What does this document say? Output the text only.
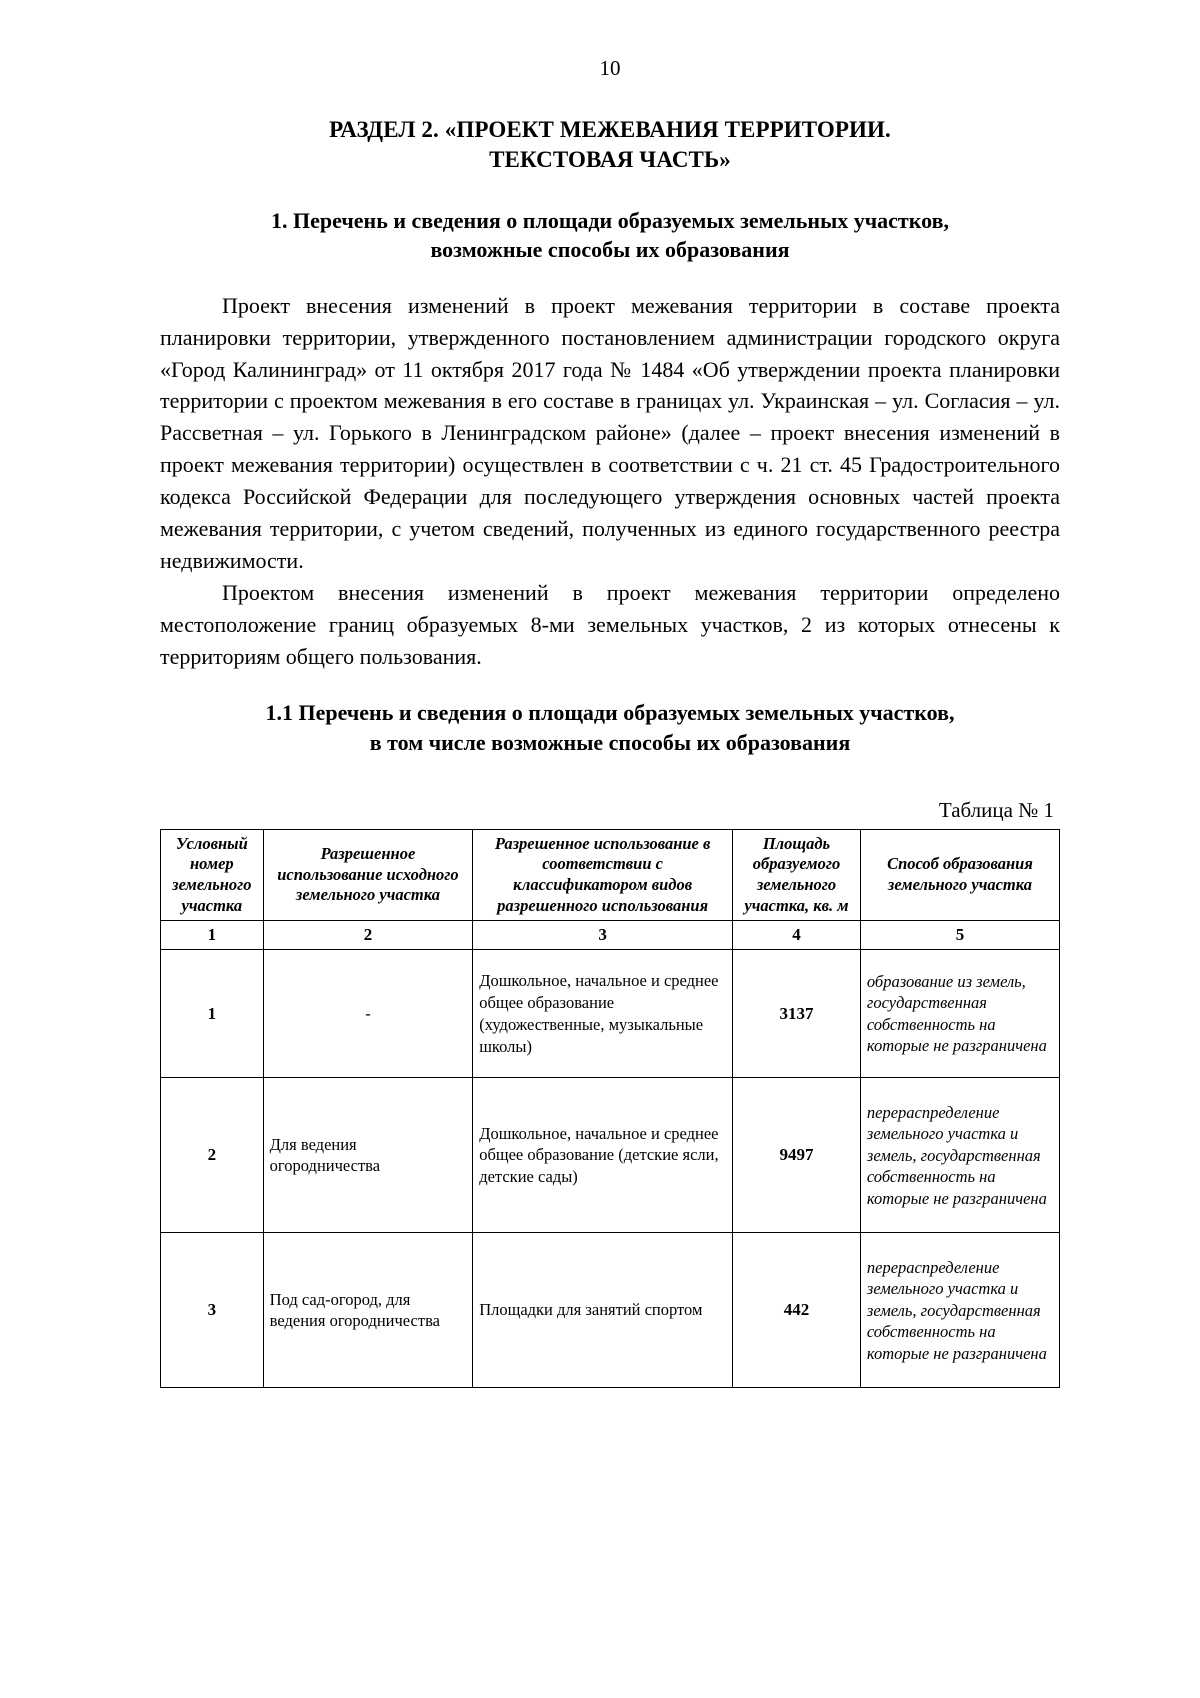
10
РАЗДЕЛ 2. «ПРОЕКТ МЕЖЕВАНИЯ ТЕРРИТОРИИ.
ТЕКСТОВАЯ ЧАСТЬ»
1. Перечень и сведения о площади образуемых земельных участков,
возможные способы их образования

Проект внесения изменений в проект межевания территории в составе проекта планировки территории, утвержденного постановлением администрации городского округа «Город Калининград» от 11 октября 2017 года № 1484 «Об утверждении проекта планировки территории с проектом межевания в его составе в границах ул. Украинская – ул. Согласия – ул. Рассветная – ул. Горького в Ленинградском районе» (далее – проект внесения изменений в проект межевания территории) осуществлен в соответствии с ч. 21 ст. 45 Градостроительного кодекса Российской Федерации для последующего утверждения основных частей проекта межевания территории, с учетом сведений, полученных из единого государственного реестра недвижимости.

Проектом внесения изменений в проект межевания территории определено местоположение границ образуемых 8-ми земельных участков, 2 из которых отнесены к территориям общего пользования.

1.1 Перечень и сведения о площади образуемых земельных участков,
в том числе возможные способы их образования
Таблица № 1
Условный номер земельного участка	Разрешенное использование исходного земельного участка	Разрешенное использование в соответствии с классификатором видов разрешенного использования	Площадь образуемого земельного участка, кв. м	Способ образования земельного участка
1	2	3	4	5
1	-	Дошкольное, начальное и среднее общее образование (художественные, музыкальные школы)	3137	образование из земель, государственная собственность на которые не разграничена
2	Для ведения огородничества	Дошкольное, начальное и среднее общее образование (детские ясли, детские сады)	9497	перераспределение земельного участка и земель, государственная собственность на которые не разграничена
3	Под сад-огород, для ведения огородничества	Площадки для занятий спортом	442	перераспределение земельного участка и земель, государственная собственность на которые не разграничена
